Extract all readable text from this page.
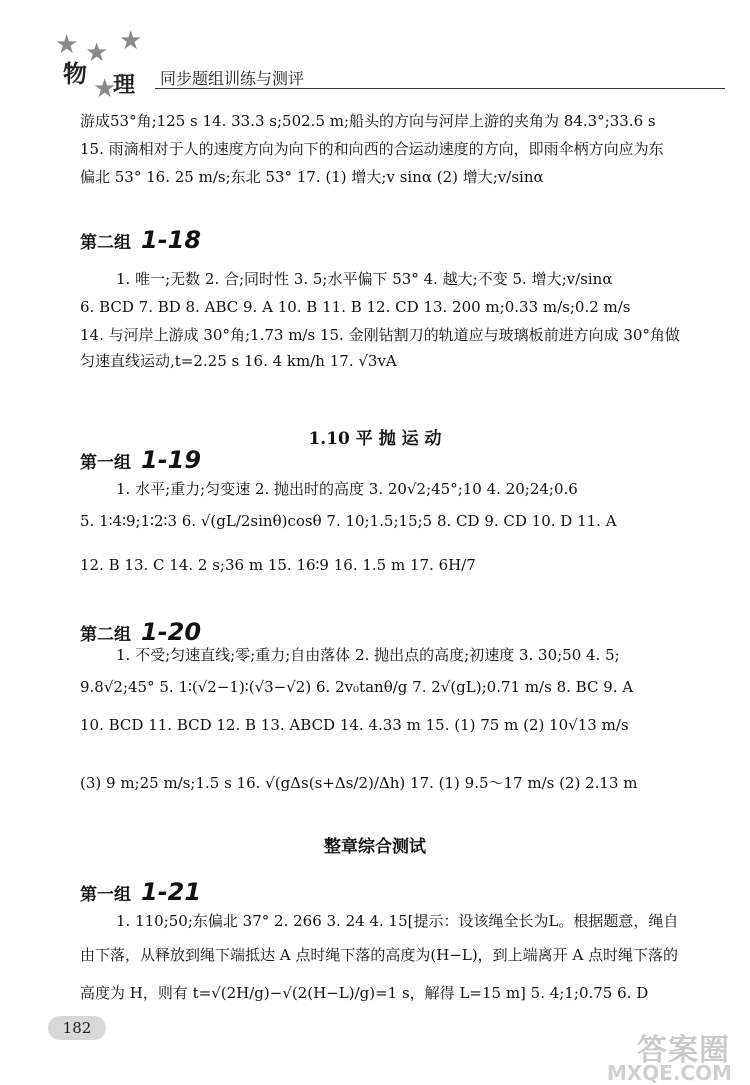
★ ★ ★
★
物 理 同步题组训练与测评
游成53°角;125 s 14. 33.3 s;502.5 m;船头的方向与河岸上游的夹角为 84.3°;33.6 s
15. 雨滴相对于人的速度方向为向下的和向西的合运动速度的方向，即雨伞柄方向应为东
偏北 53° 16. 25 m/s;东北 53° 17. (1) 增大;v sinα (2) 增大;v/sinα
第二组 1-18
1. 唯一;无数 2. 合;同时性 3. 5;水平偏下 53° 4. 越大;不变 5. 增大;v/sinα
6. BCD 7. BD 8. ABC 9. A 10. B 11. B 12. CD 13. 200 m;0.33 m/s;0.2 m/s
14. 与河岸上游成 30°角;1.73 m/s 15. 金刚钻割刀的轨道应与玻璃板前进方向成 30°角做
匀速直线运动,t=2.25 s 16. 4 km/h 17. √3vA
1.10 平 抛 运 动
第一组 1-19
1. 水平;重力;匀变速 2. 抛出时的高度 3. 20√2;45°;10 4. 20;24;0.6
5. 1∶4∶9;1∶2∶3 6. √(gL/2sinθ)cosθ 7. 10;1.5;15;5 8. CD 9. CD 10. D 11. A
12. B 13. C 14. 2 s;36 m 15. 16∶9 16. 1.5 m 17. 6H/7
第二组 1-20
1. 不受;匀速直线;零;重力;自由落体 2. 抛出点的高度;初速度 3. 30;50 4. 5;
9.8√2;45° 5. 1∶(√2−1)∶(√3−√2) 6. 2v₀tanθ/g 7. 2√(gL);0.71 m/s 8. BC 9. A
10. BCD 11. BCD 12. B 13. ABCD 14. 4.33 m 15. (1) 75 m (2) 10√13 m/s
(3) 9 m;25 m/s;1.5 s 16. √(gΔs(s+Δs/2)/Δh) 17. (1) 9.5～17 m/s (2) 2.13 m
整章综合测试
第一组 1-21
1. 110;50;东偏北 37° 2. 266 3. 24 4. 15[提示：设该绳全长为L。根据题意，绳自
由下落，从释放到绳下端抵达 A 点时绳下落的高度为(H−L)，到上端离开 A 点时绳下落的
高度为 H，则有 t=√(2H/g)−√(2(H−L)/g)=1 s，解得 L=15 m] 5. 4;1;0.75 6. D
182
答案圈
MXQE.COM
